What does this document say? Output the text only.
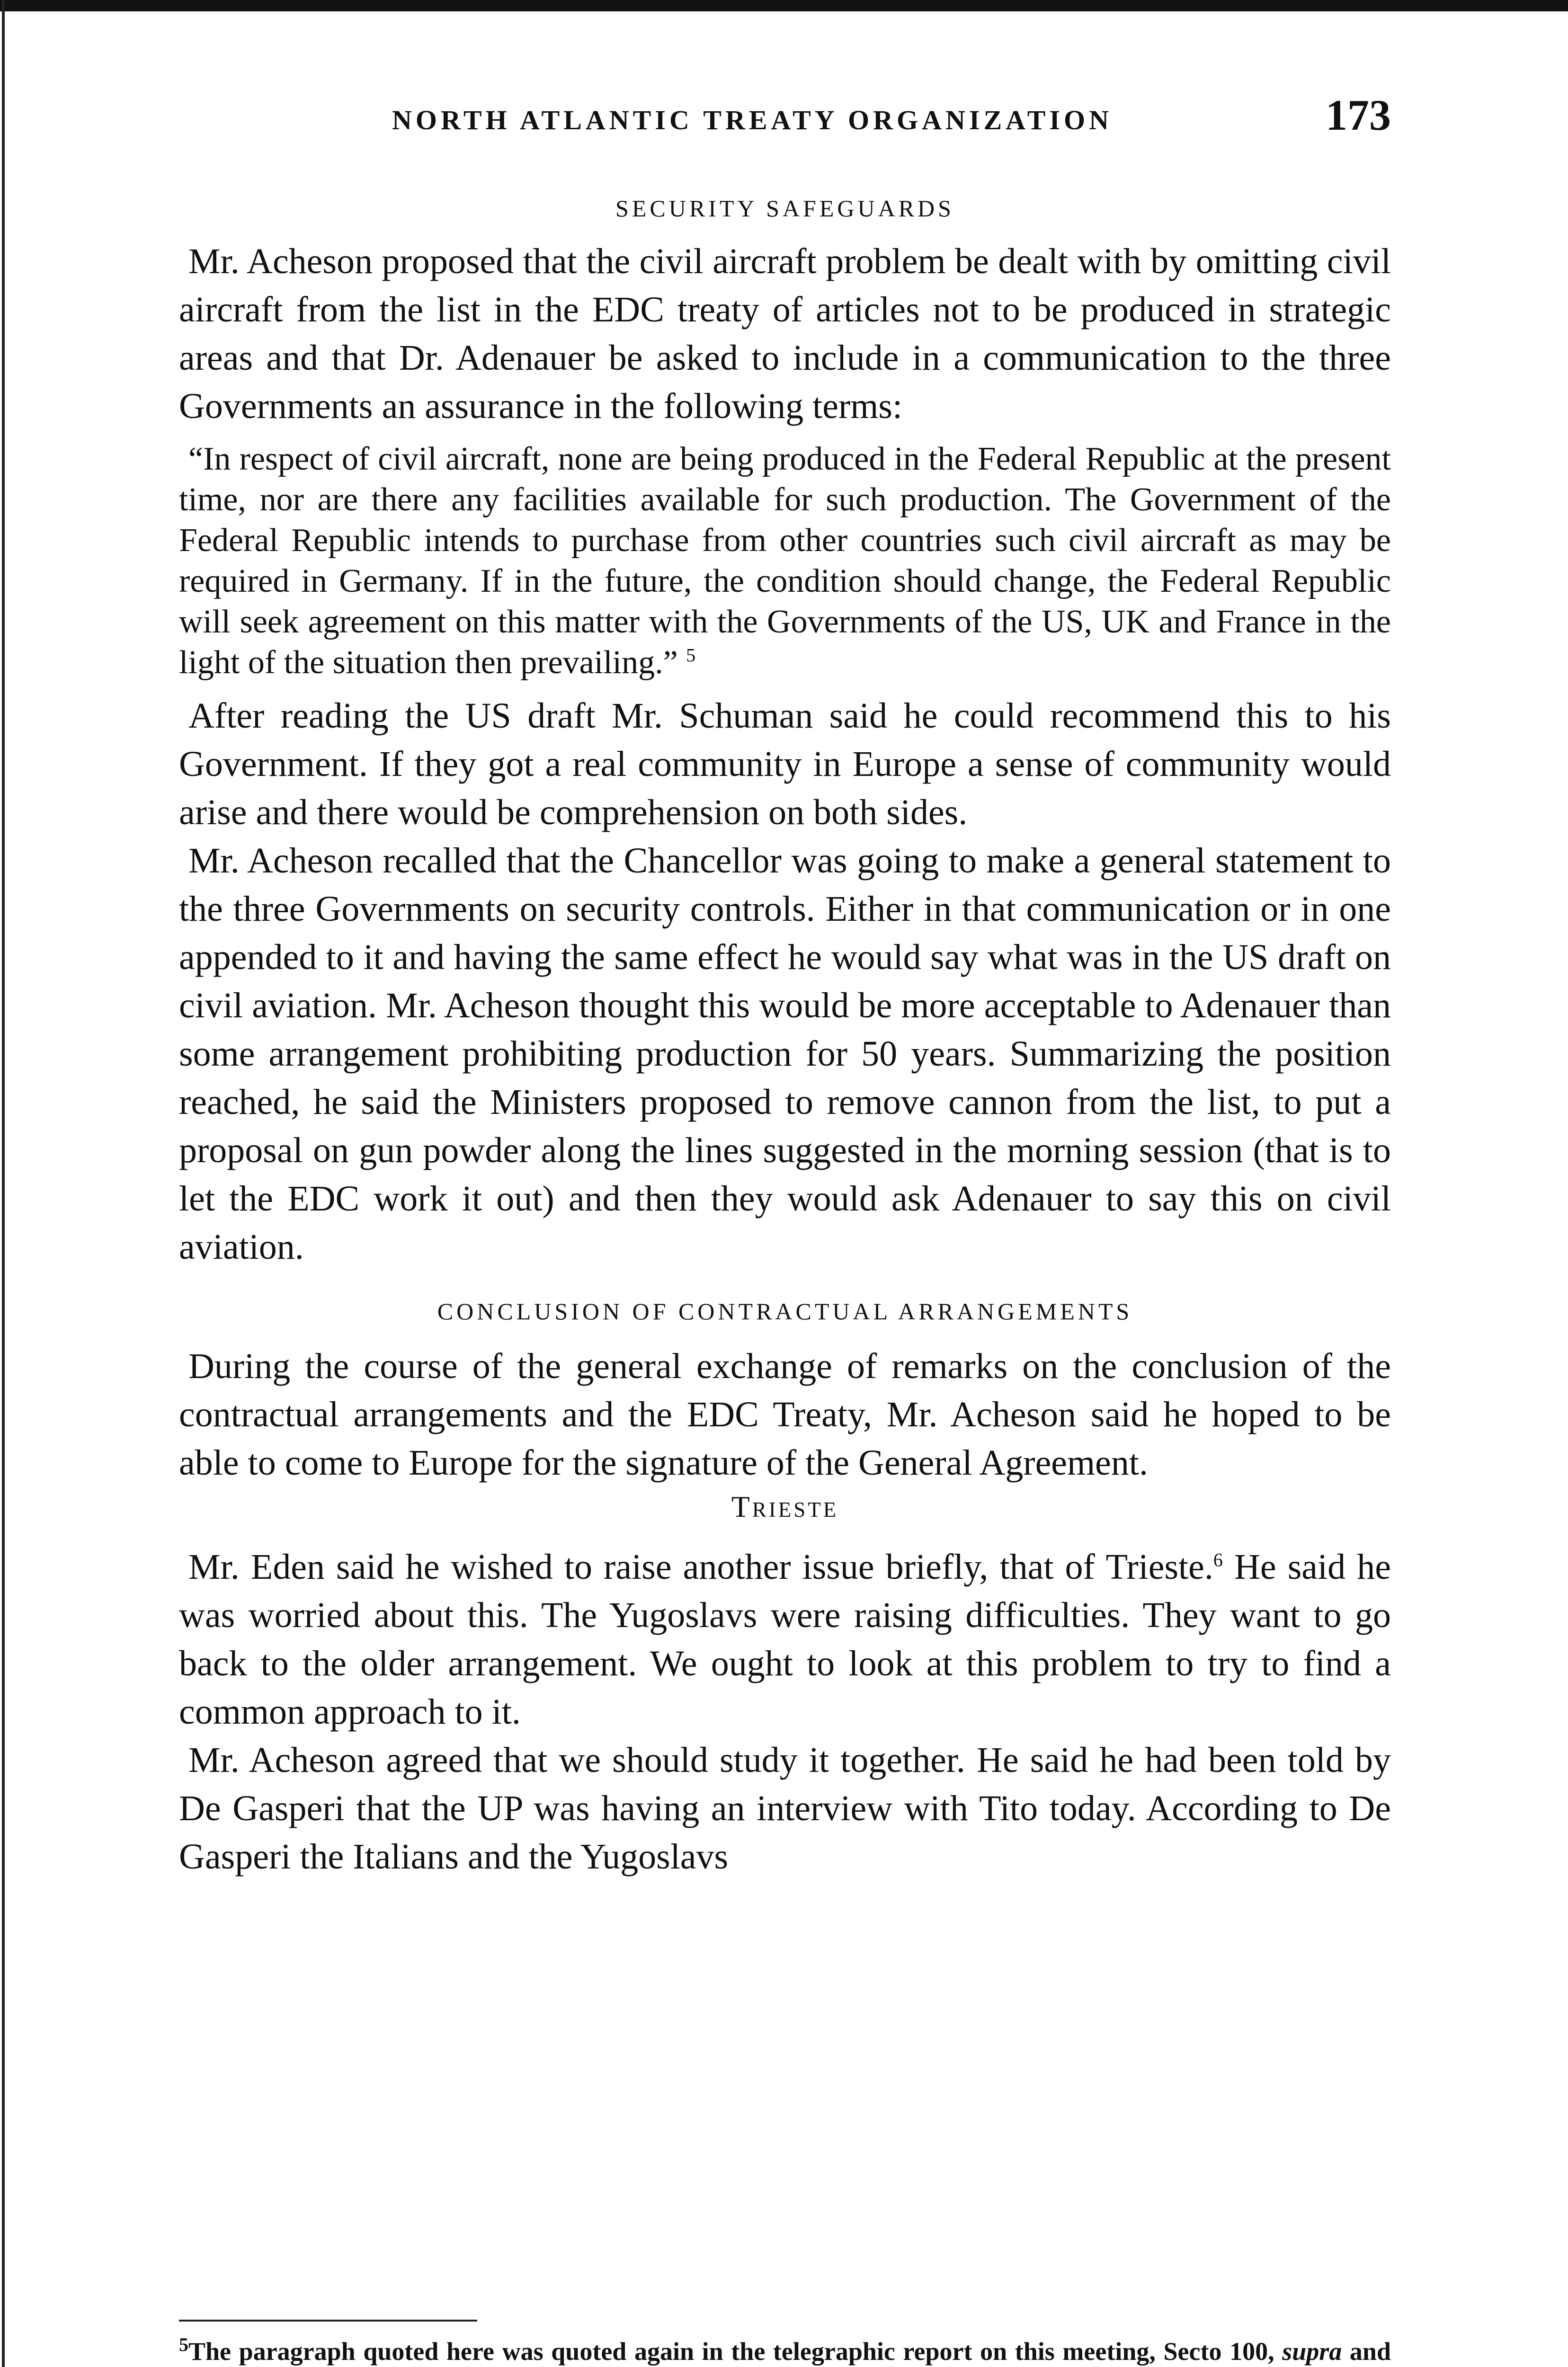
NORTH ATLANTIC TREATY ORGANIZATION	173
SECURITY SAFEGUARDS

Mr. Acheson proposed that the civil aircraft problem be dealt with by omitting civil aircraft from the list in the EDC treaty of articles not to be produced in strategic areas and that Dr. Adenauer be asked to include in a communication to the three Governments an assurance in the following terms:

“In respect of civil aircraft, none are being produced in the Federal Republic at the present time, nor are there any facilities available for such production. The Government of the Federal Republic intends to purchase from other countries such civil aircraft as may be required in Germany. If in the future, the condition should change, the Federal Republic will seek agreement on this matter with the Governments of the US, UK and France in the light of the situation then prevailing.” $^5$

After reading the US draft Mr. Schuman said he could recommend this to his Government. If they got a real community in Europe a sense of community would arise and there would be comprehension on both sides.

Mr. Acheson recalled that the Chancellor was going to make a general statement to the three Governments on security controls. Either in that communication or in one appended to it and having the same effect he would say what was in the US draft on civil aviation. Mr. Acheson thought this would be more acceptable to Adenauer than some arrangement prohibiting production for 50 years. Summarizing the position reached, he said the Ministers proposed to remove cannon from the list, to put a proposal on gun powder along the lines suggested in the morning session (that is to let the EDC work it out) and then they would ask Adenauer to say this on civil aviation.

CONCLUSION OF CONTRACTUAL ARRANGEMENTS

During the course of the general exchange of remarks on the conclusion of the contractual arrangements and the EDC Treaty, Mr. Acheson said he hoped to be able to come to Europe for the signature of the General Agreement.

Trieste

Mr. Eden said he wished to raise another issue briefly, that of Trieste.$^6$ He said he was worried about this. The Yugoslavs were raising difficulties. They want to go back to the older arrangement. We ought to look at this problem to try to find a common approach to it.

Mr. Acheson agreed that we should study it together. He said he had been told by De Gasperi that the UP was having an interview with Tito today. According to De Gasperi the Italians and the Yugoslavs

$^5$The paragraph quoted here was quoted again in the telegraphic report on this meeting, Secto 100, supra and
